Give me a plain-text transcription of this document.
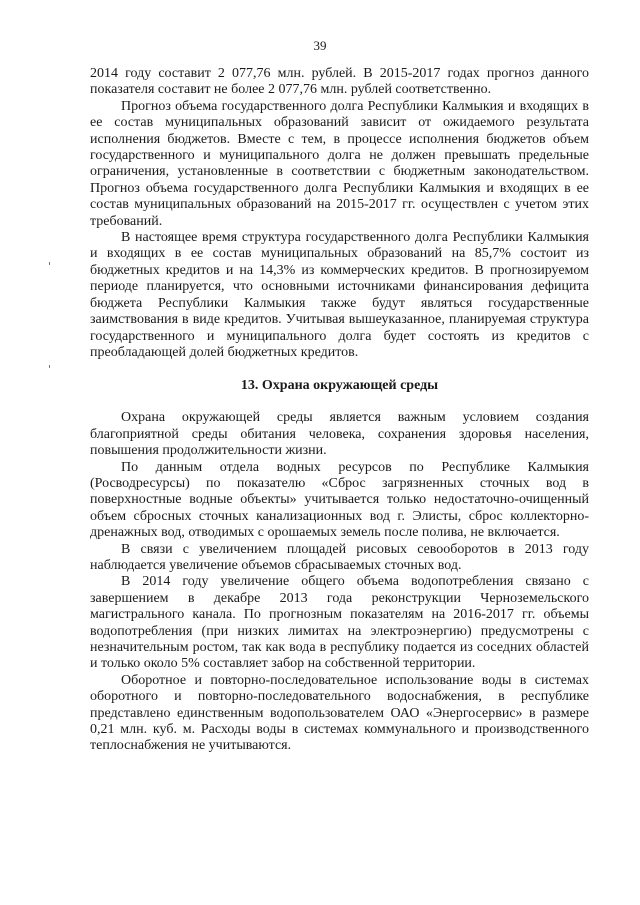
39

2014 году составит 2 077,76 млн. рублей. В 2015-2017 годах прогноз данного показателя составит не более 2 077,76 млн. рублей соответственно.

Прогноз объема государственного долга Республики Калмыкия и входящих в ее состав муниципальных образований зависит от ожидаемого результата исполнения бюджетов. Вместе с тем, в процессе исполнения бюджетов объем государственного и муниципального долга не должен превышать предельные ограничения, установленные в соответствии с бюджетным законодательством. Прогноз объема государственного долга Республики Калмыкия и входящих в ее состав муниципальных образований на 2015-2017 гг. осуществлен с учетом этих требований.

В настоящее время структура государственного долга Республики Калмыкия и входящих в ее состав муниципальных образований на 85,7% состоит из бюджетных кредитов и на 14,3% из коммерческих кредитов. В прогнозируемом периоде планируется, что основными источниками финансирования дефицита бюджета Республики Калмыкия также будут являться государственные заимствования в виде кредитов. Учитывая вышеуказанное, планируемая структура государственного и муниципального долга будет состоять из кредитов с преобладающей долей бюджетных кредитов.

13. Охрана окружающей среды

Охрана окружающей среды является важным условием создания благоприятной среды обитания человека, сохранения здоровья населения, повышения продолжительности жизни.

По данным отдела водных ресурсов по Республике Калмыкия (Росводресурсы) по показателю «Сброс загрязненных сточных вод в поверхностные водные объекты» учитывается только недостаточно-очищенный объем сбросных сточных канализационных вод г. Элисты, сброс коллекторно-дренажных вод, отводимых с орошаемых земель после полива, не включается.

В связи с увеличением площадей рисовых севооборотов в 2013 году наблюдается увеличение объемов сбрасываемых сточных вод.

В 2014 году увеличение общего объема водопотребления связано с завершением в декабре 2013 года реконструкции Черноземельского магистрального канала. По прогнозным показателям на 2016-2017 гг. объемы водопотребления (при низких лимитах на электроэнергию) предусмотрены с незначительным ростом, так как вода в республику подается из соседних областей и только около 5% составляет забор на собственной территории.

Оборотное и повторно-последовательное использование воды в системах оборотного и повторно-последовательного водоснабжения, в республике представлено единственным водопользователем ОАО «Энергосервис» в размере 0,21 млн. куб. м. Расходы воды в системах коммунального и производственного теплоснабжения не учитываются.
